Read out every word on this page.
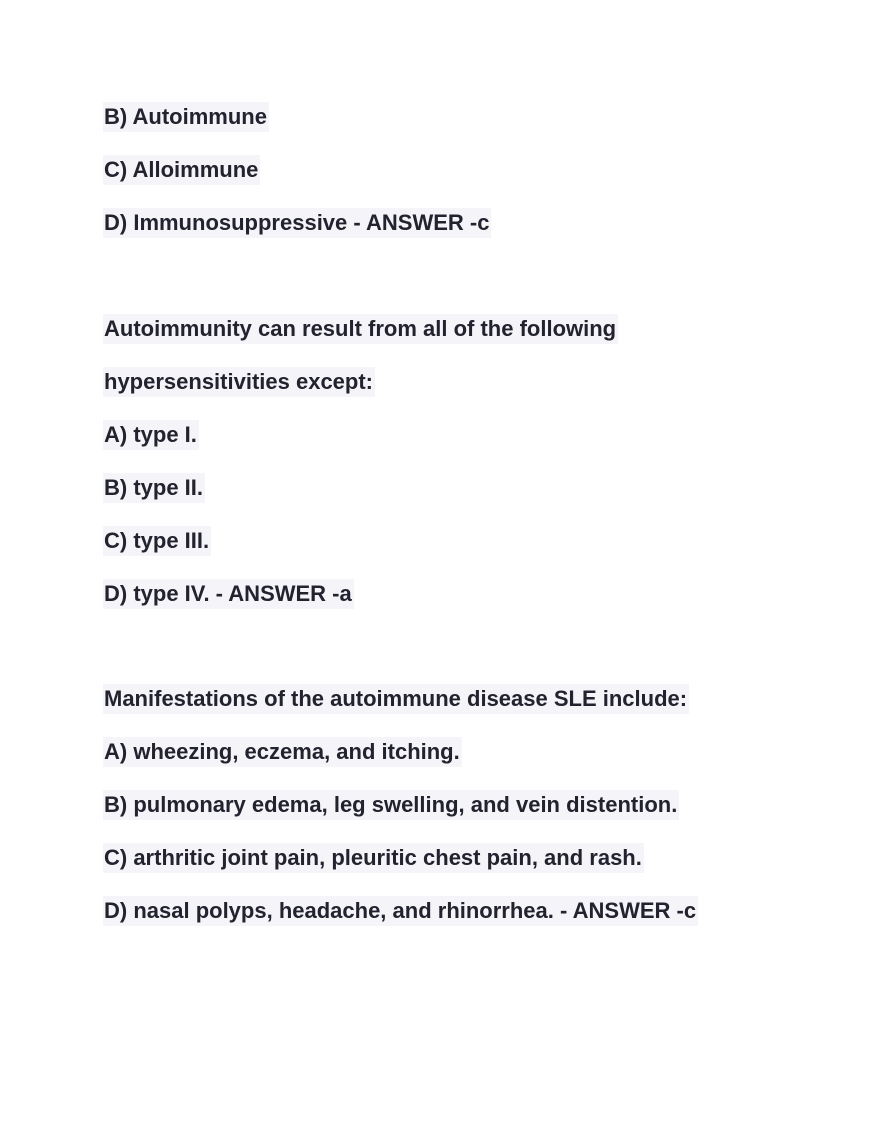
B) Autoimmune
C) Alloimmune
D) Immunosuppressive - ANSWER -c
Autoimmunity can result from all of the following
hypersensitivities except:
A) type I.
B) type II.
C) type III.
D) type IV. - ANSWER -a
Manifestations of the autoimmune disease SLE include:
A) wheezing, eczema, and itching.
B) pulmonary edema, leg swelling, and vein distention.
C) arthritic joint pain, pleuritic chest pain, and rash.
D) nasal polyps, headache, and rhinorrhea. - ANSWER -c
